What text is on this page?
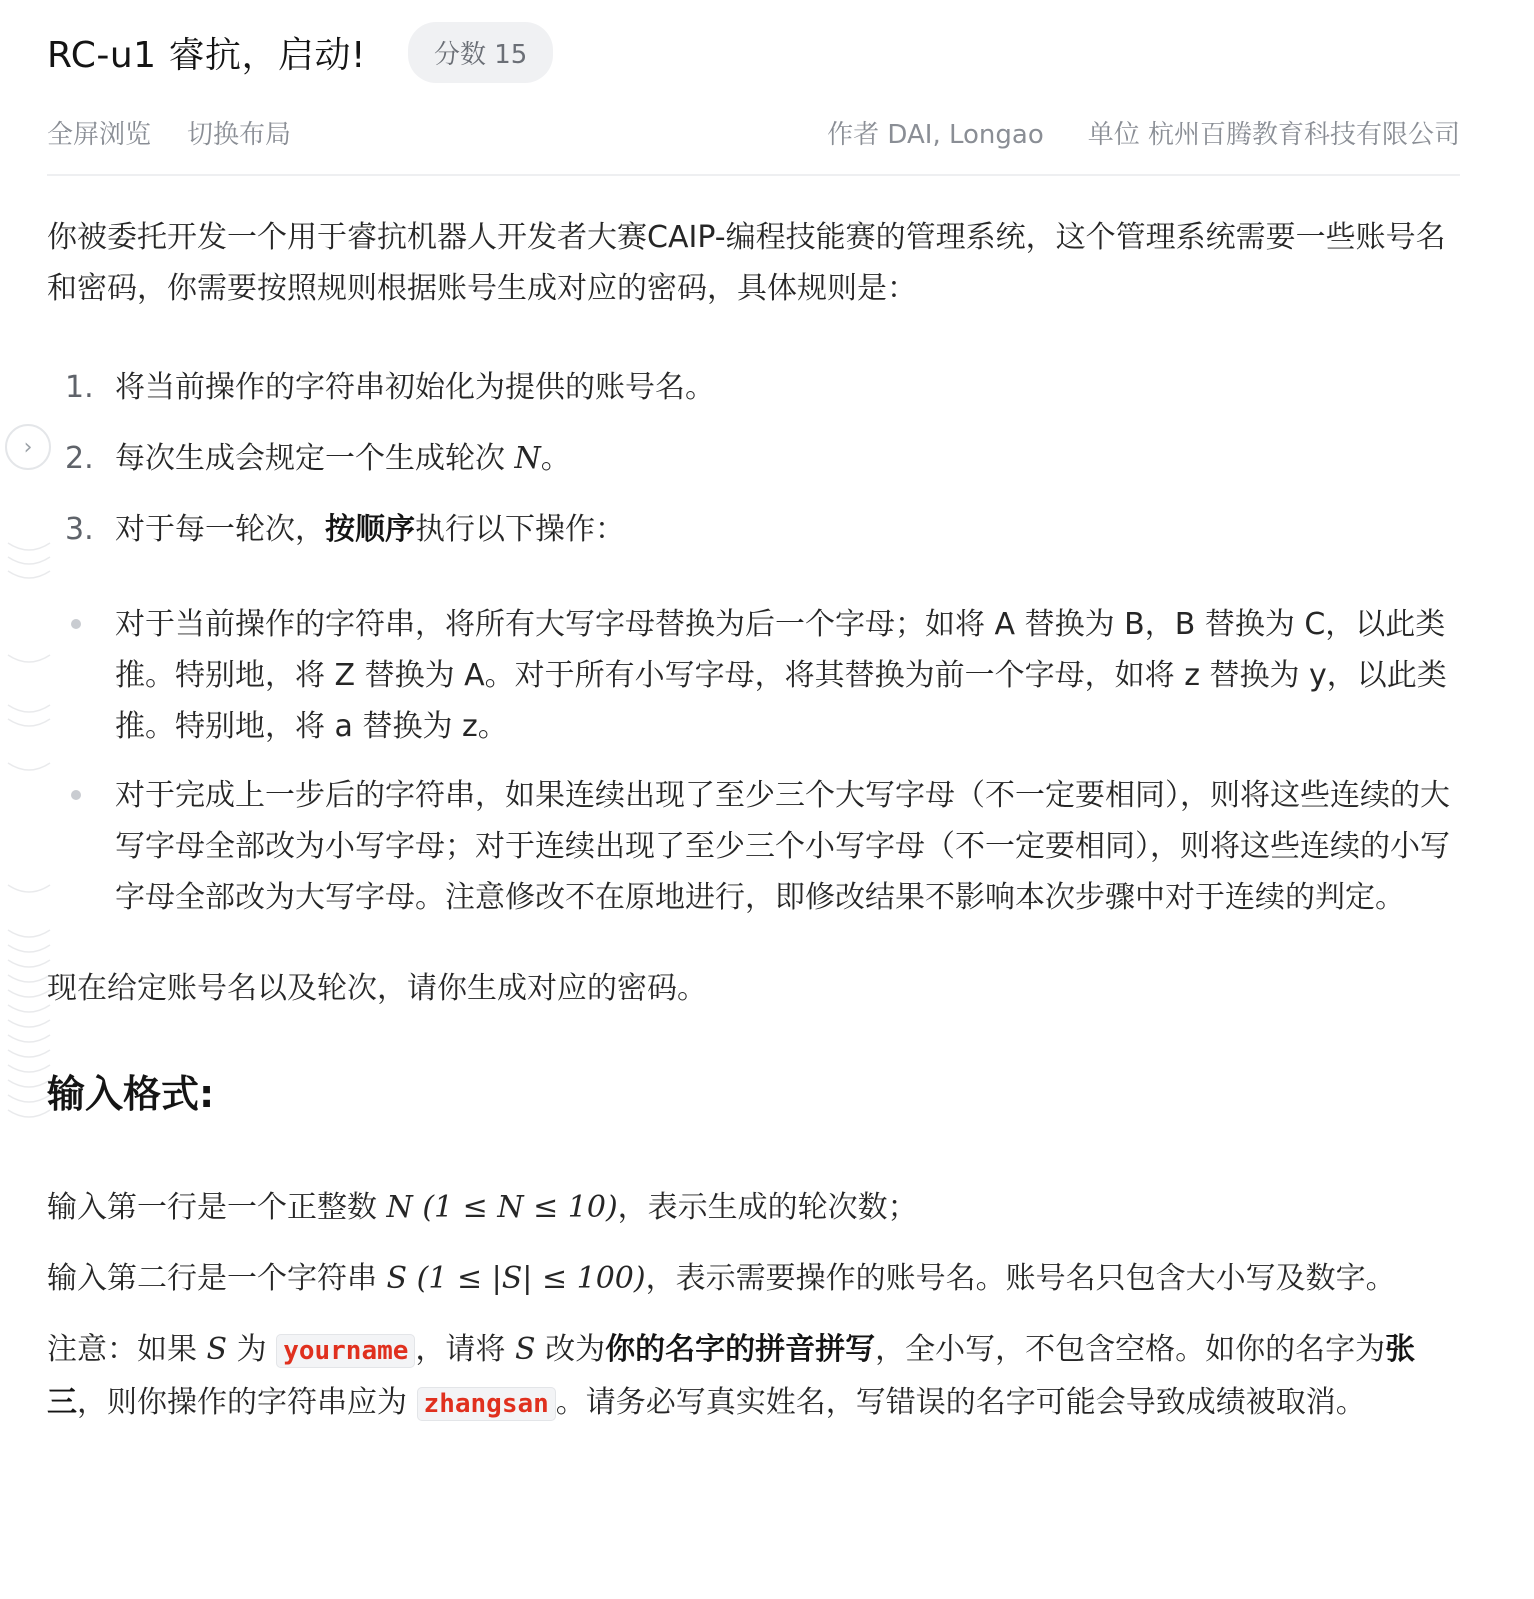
›
RC-u1 睿抗，启动!	分数 15
全屏浏览 切换布局	作者 DAI, Longao 单位 杭州百腾教育科技有限公司

你被委托开发一个用于睿抗机器人开发者大赛CAIP-编程技能赛的管理系统，这个管理系统需要一些账号名和密码，你需要按照规则根据账号生成对应的密码，具体规则是：

1. 将当前操作的字符串初始化为提供的账号名。
2. 每次生成会规定一个生成轮次 N。
3. 对于每一轮次，按顺序执行以下操作：
对于当前操作的字符串，将所有大写字母替换为后一个字母；如将 A 替换为 B，B 替换为 C，以此类推。特别地，将 Z 替换为 A。对于所有小写字母，将其替换为前一个字母，如将 z 替换为 y，以此类推。特别地，将 a 替换为 z。
对于完成上一步后的字符串，如果连续出现了至少三个大写字母（不一定要相同），则将这些连续的大写字母全部改为小写字母；对于连续出现了至少三个小写字母（不一定要相同），则将这些连续的小写字母全部改为大写字母。注意修改不在原地进行，即修改结果不影响本次步骤中对于连续的判定。

现在给定账号名以及轮次，请你生成对应的密码。

输入格式:

输入第一行是一个正整数 N (1 ≤ N ≤ 10)，表示生成的轮次数；

输入第二行是一个字符串 S (1 ≤ |S| ≤ 100)，表示需要操作的账号名。账号名只包含大小写及数字。

注意：如果 S 为 yourname ，请将 S 改为你的名字的拼音拼写，全小写，不包含空格。如你的名字为张三，则你操作的字符串应为 zhangsan 。请务必写真实姓名，写错误的名字可能会导致成绩被取消。
